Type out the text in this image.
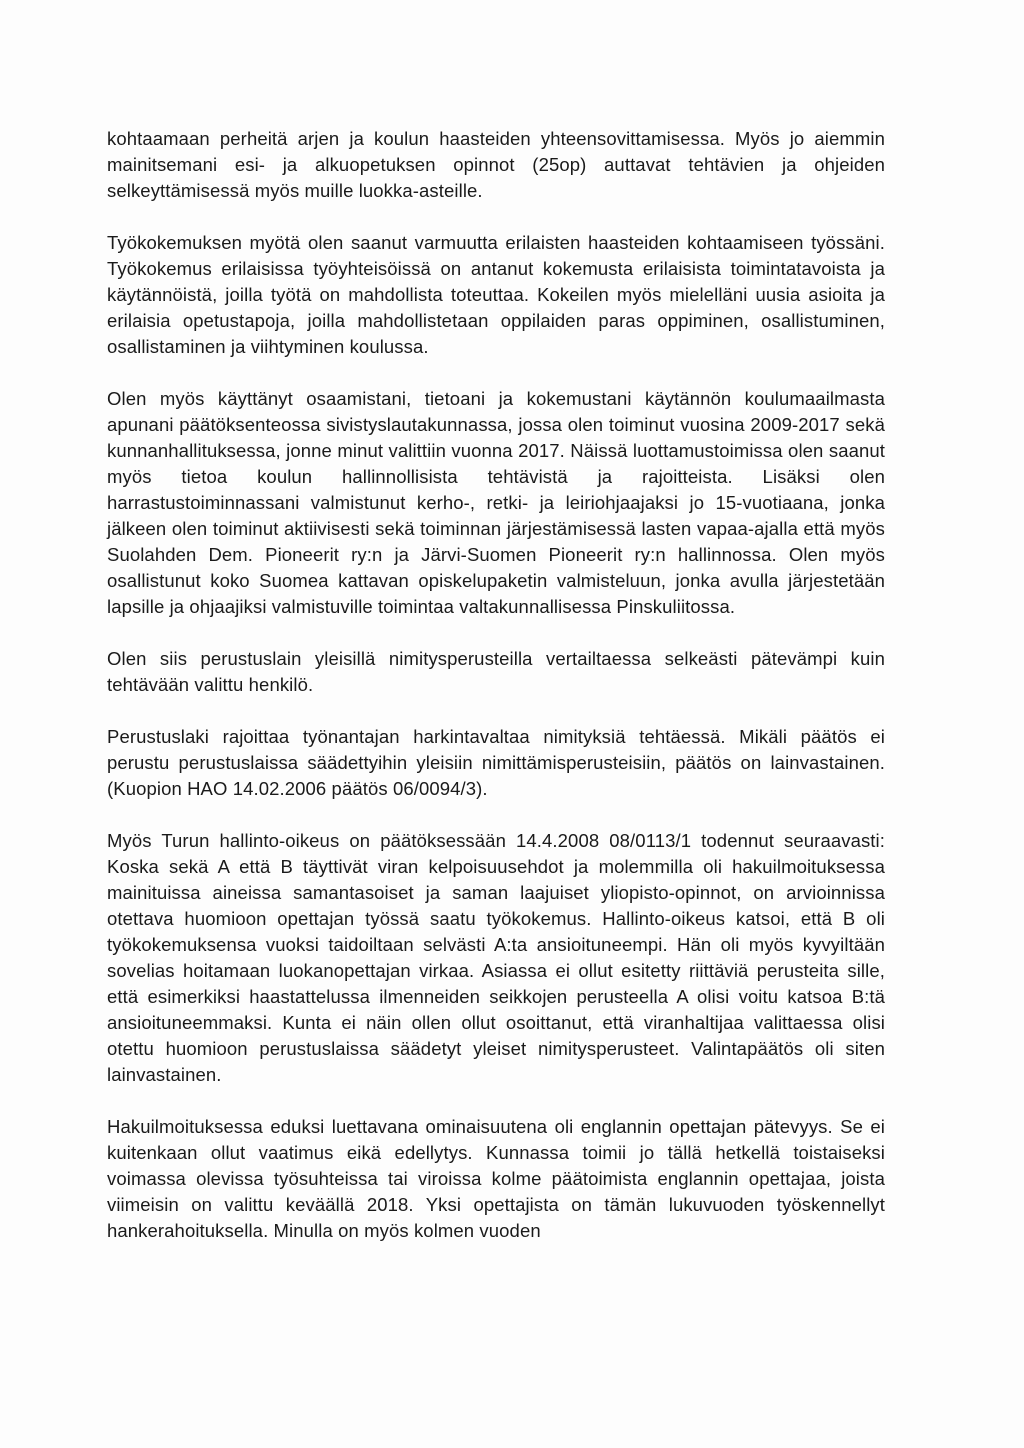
kohtaamaan perheitä arjen ja koulun haasteiden yhteensovittamisessa. Myös jo aiemmin mainitsemani esi- ja alkuopetuksen opinnot (25op) auttavat tehtävien ja ohjeiden selkeyttämisessä myös muille luokka-asteille.

Työkokemuksen myötä olen saanut varmuutta erilaisten haasteiden kohtaamiseen työssäni. Työkokemus erilaisissa työyhteisöissä on antanut kokemusta erilaisista toimintatavoista ja käytännöistä, joilla työtä on mahdollista toteuttaa. Kokeilen myös mielelläni uusia asioita ja erilaisia opetustapoja, joilla mahdollistetaan oppilaiden paras oppiminen, osallistuminen, osallistaminen ja viihtyminen koulussa.

Olen myös käyttänyt osaamistani, tietoani ja kokemustani käytännön koulumaailmasta apunani päätöksenteossa sivistyslautakunnassa, jossa olen toiminut vuosina 2009-2017 sekä kunnanhallituksessa, jonne minut valittiin vuonna 2017. Näissä luottamustoimissa olen saanut myös tietoa koulun hallinnollisista tehtävistä ja rajoitteista. Lisäksi olen harrastustoiminnassani valmistunut kerho-, retki- ja leiriohjaajaksi jo 15-vuotiaana, jonka jälkeen olen toiminut aktiivisesti sekä toiminnan järjestämisessä lasten vapaa-ajalla että myös Suolahden Dem. Pioneerit ry:n ja Järvi-Suomen Pioneerit ry:n hallinnossa. Olen myös osallistunut koko Suomea kattavan opiskelupaketin valmisteluun, jonka avulla järjestetään lapsille ja ohjaajiksi valmistuville toimintaa valtakunnallisessa Pinskuliitossa.

Olen siis perustuslain yleisillä nimitysperusteilla vertailtaessa selkeästi pätevämpi kuin tehtävään valittu henkilö.

Perustuslaki rajoittaa työnantajan harkintavaltaa nimityksiä tehtäessä. Mikäli päätös ei perustu perustuslaissa säädettyihin yleisiin nimittämisperusteisiin, päätös on lainvastainen. (Kuopion HAO 14.02.2006 päätös 06/0094/3).

Myös Turun hallinto-oikeus on päätöksessään 14.4.2008 08/0113/1 todennut seuraavasti: Koska sekä A että B täyttivät viran kelpoisuusehdot ja molemmilla oli hakuilmoituksessa mainituissa aineissa samantasoiset ja saman laajuiset yliopisto-opinnot, on arvioinnissa otettava huomioon opettajan työssä saatu työkokemus. Hallinto-oikeus katsoi, että B oli työkokemuksensa vuoksi taidoiltaan selvästi A:ta ansioituneempi. Hän oli myös kyvyiltään sovelias hoitamaan luokanopettajan virkaa. Asiassa ei ollut esitetty riittäviä perusteita sille, että esimerkiksi haastattelussa ilmenneiden seikkojen perusteella A olisi voitu katsoa B:tä ansioituneemmaksi. Kunta ei näin ollen ollut osoittanut, että viranhaltijaa valittaessa olisi otettu huomioon perustuslaissa säädetyt yleiset nimitysperusteet. Valintapäätös oli siten lainvastainen.

Hakuilmoituksessa eduksi luettavana ominaisuutena oli englannin opettajan pätevyys. Se ei kuitenkaan ollut vaatimus eikä edellytys. Kunnassa toimii jo tällä hetkellä toistaiseksi voimassa olevissa työsuhteissa tai viroissa kolme päätoimista englannin opettajaa, joista viimeisin on valittu keväällä 2018. Yksi opettajista on tämän lukuvuoden työskennellyt hankerahoituksella. Minulla on myös kolmen vuoden
